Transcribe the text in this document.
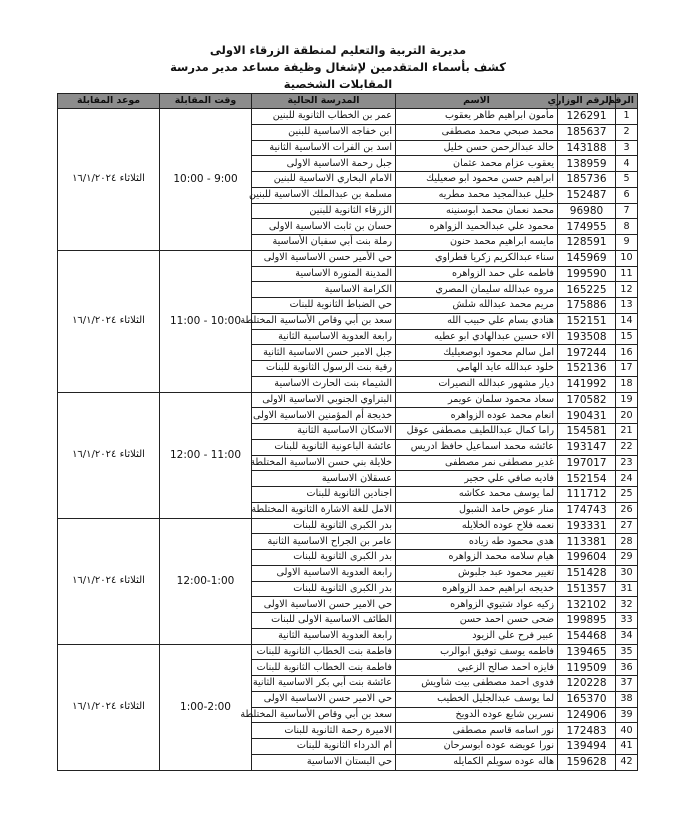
مديرية التربية والتعليم لمنطقة الزرقاء الاولى
كشف بأسماء المتقدمين لإشغال وظيفة مساعد مدير مدرسة
المقابلات الشخصية
الرقم	الرقم الوزاري	الاسم	المدرسة الحالية	وقت المقابلة	موعد المقابلة
1	126291	مأمون ابراهيم طاهر يعقوب	عمر بن الخطاب الثانوية للبنين	9:00 - 10:00	الثلاثاء ١٦/١/٢٠٢٤
2	185637	محمد صبحي محمد مصطفى	ابن خفاجه الاساسية للبنين		
3	143188	خالد عبدالرحمن حسن خليل	اسد بن الفرات الاساسية الثانية		
4	138959	يعقوب عزام محمد عثمان	جبل رحمة الاساسية الاولى		
5	185736	ابراهيم حسن محمود ابو صعيليك	الامام البخاري الاساسية للبنين		
6	152487	خليل عبدالمجيد محمد مطريه	مسلمة بن عبدالملك الاساسية للبنين		
7	96980	محمد نعمان محمد ابوسنينه	الزرقاء الثانوية للبنين		
8	174955	محمود علي عبدالحميد الزواهره	حسان بن ثابت الاساسية الاولى		
9	128591	مايسه ابراهيم محمد حنون	رملة بنت أبي سفيان الأساسية		
10	145969	سناء عبدالكريم زكريا قطراوي	حي الأمير حسن الاساسية الاولى	10:00 - 11:00	الثلاثاء ١٦/١/٢٠٢٤
11	199590	فاطمه علي حمد الزواهره	المدينة المنورة الاساسية		
12	165225	مروه عبدالله سليمان المصري	الكرامة الاساسية		
13	175886	مريم محمد عبدالله شلش	حي الضباط الثانوية للبنات		
14	152151	هنادي بسام علي حبيب الله	سعد بن أبي وقاص الأساسية المختلطة		
15	193508	الاء حسين عبدالهادي ابو عطيه	رابعة العدوية الاساسية الثانية		
16	197244	امل سالم محمود ابوصعيليك	جبل الامير حسن الاساسية الثانية		
17	152136	خلود عبدالله عايد الهامي	رقية بنت الرسول الثانوية للبنات		
18	141992	ديار مشهور عبدالله النصيرات	الشيماء بنت الحارث الاساسية		
19	170582	سعاد محمود سلمان عويمر	البتراوي الجنوبي الاساسية الاولى	11:00 - 12:00	الثلاثاء ١٦/١/٢٠٢٤
20	190431	انعام محمد عوده الزواهره	خديجة أم المؤمنين الاساسية الاولى		
21	154581	راما كمال عبداللطيف مصطفى عوقل	الاسكان الاساسية الثانية		
22	193147	عائشه محمد اسماعيل حافظ ادريس	عائشة الباعونية الثانوية للبنات		
23	197017	غدير مصطفى نمر مصطفى	خلايلة بني حسن الاساسية المختلطة		
24	152154	فاديه صافي علي حجير	عسقلان الاساسية		
25	111712	لما يوسف محمد عكاشه	اجنادين الثانوية للبنات		
26	174743	منار عوض حامد الشبول	الامل للغة الاشارة الثانوية المختلطة		
27	193331	نعمه فلاح عوده الخلايله	بدر الكبرى الثانوية للبنات	12:00-1:00	الثلاثاء ١٦/١/٢٠٢٤
28	113381	هدى محمود طه زياده	عامر بن الجراح الاساسية الثانية		
29	199604	هيام سلامه محمد الزواهره	بدر الكبرى الثانوية للبنات		
30	151428	تغيير محمود عبد جلبوش	رابعة العدوية الاساسية الاولى		
31	151357	خديجه ابراهيم حمد الزواهره	بدر الكبرى الثانوية للبنات		
32	132102	زكيه عواد شتيوي الزواهره	حي الامير حسن الاساسية الاولى		
33	199895	ضحى حسن احمد حسن	الطائف الاساسية الاولى للبنات		
34	154468	عبير فرح علي الزيود	رابعة العدوية الاساسية الثانية		
35	139465	فاطمه يوسف توفيق ابوالرب	فاطمة بنت الخطاب الثانوية للبنات	1:00-2:00	الثلاثاء ١٦/١/٢٠٢٤
36	119509	فايزه احمد صالح الزعبي	فاطمة بنت الخطاب الثانوية للبنات		
37	120228	فدوى احمد مصطفى بيت شاويش	عائشة بنت أبي بكر الاساسية الثانية		
38	165370	لما يوسف عبدالجليل الخطيب	حي الامير حسن الاساسية الاولى		
39	124906	نسرين شايع عوده الدويخ	سعد بن أبي وقاص الأساسية المختلطة		
40	172483	نور اسامه قاسم مصطفى	الاميرة رحمة الثانوية للبنات		
41	139494	نورا عويضه عوده ابوسرحان	ام الدرداء الثانوية للبنات		
42	159628	هاله عوده سويلم الكمايله	حي البستان الاساسية		
